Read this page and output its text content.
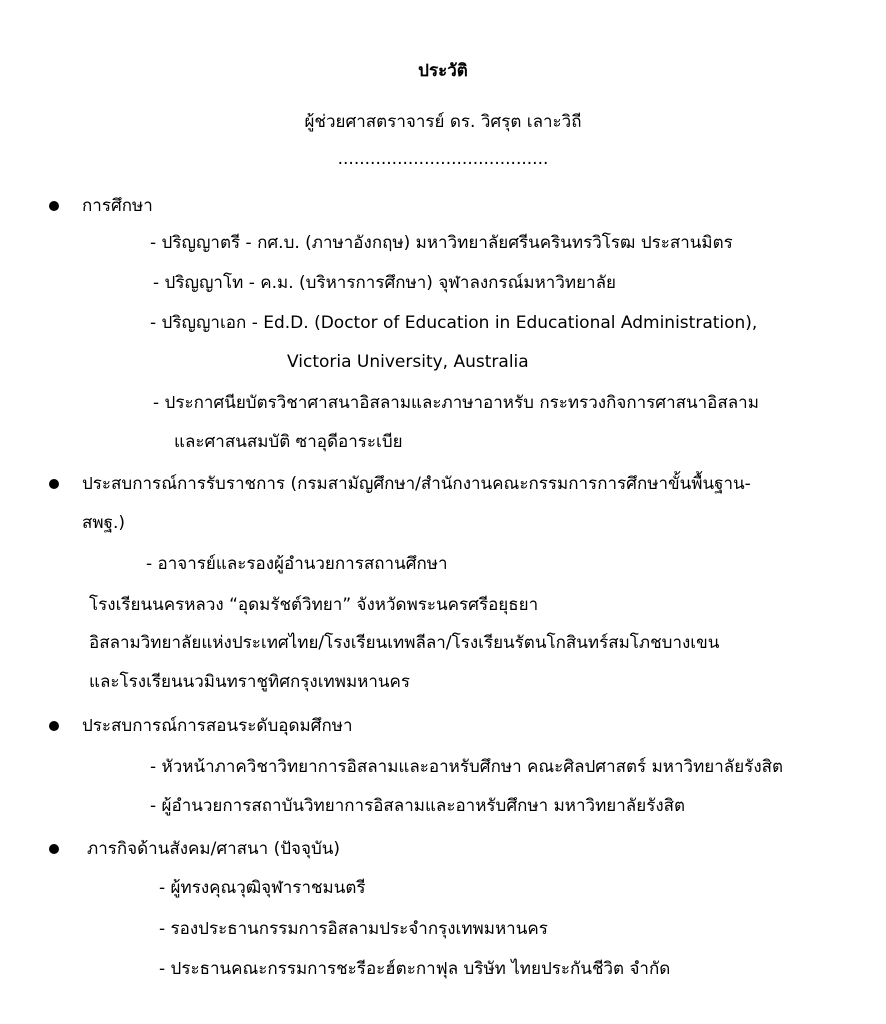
ประวัติ
ผู้ช่วยศาสตราจารย์ ดร. วิศรุต เลาะวิถี
.......................................
การศึกษา
- ปริญญาตรี - กศ.บ. (ภาษาอังกฤษ) มหาวิทยาลัยศรีนครินทรวิโรฒ ประสานมิตร
- ปริญญาโท - ค.ม. (บริหารการศึกษา) จุฬาลงกรณ์มหาวิทยาลัย
- ปริญญาเอก - Ed.D. (Doctor of Education in Educational Administration),
Victoria University, Australia
- ประกาศนียบัตรวิชาศาสนาอิสลามและภาษาอาหรับ กระทรวงกิจการศาสนาอิสลาม
และศาสนสมบัติ ซาอุดีอาระเบีย
ประสบการณ์การรับราชการ (กรมสามัญศึกษา/สำนักงานคณะกรรมการการศึกษาขั้นพื้นฐาน-
สพฐ.)
- อาจารย์และรองผู้อำนวยการสถานศึกษา
โรงเรียนนครหลวง “อุดมรัชต์วิทยา” จังหวัดพระนครศรีอยุธยา
อิสลามวิทยาลัยแห่งประเทศไทย/โรงเรียนเทพลีลา/โรงเรียนรัตนโกสินทร์สมโภชบางเขน
และโรงเรียนนวมินทราชูทิศกรุงเทพมหานคร
ประสบการณ์การสอนระดับอุดมศึกษา
- หัวหน้าภาควิชาวิทยาการอิสลามและอาหรับศึกษา คณะศิลปศาสตร์ มหาวิทยาลัยรังสิต
- ผู้อำนวยการสถาบันวิทยาการอิสลามและอาหรับศึกษา มหาวิทยาลัยรังสิต
ภารกิจด้านสังคม/ศาสนา (ปัจจุบัน)
- ผู้ทรงคุณวุฒิจุฬาราชมนตรี
- รองประธานกรรมการอิสลามประจำกรุงเทพมหานคร
- ประธานคณะกรรมการชะรีอะฮ์ตะกาฟุล บริษัท ไทยประกันชีวิต จำกัด
